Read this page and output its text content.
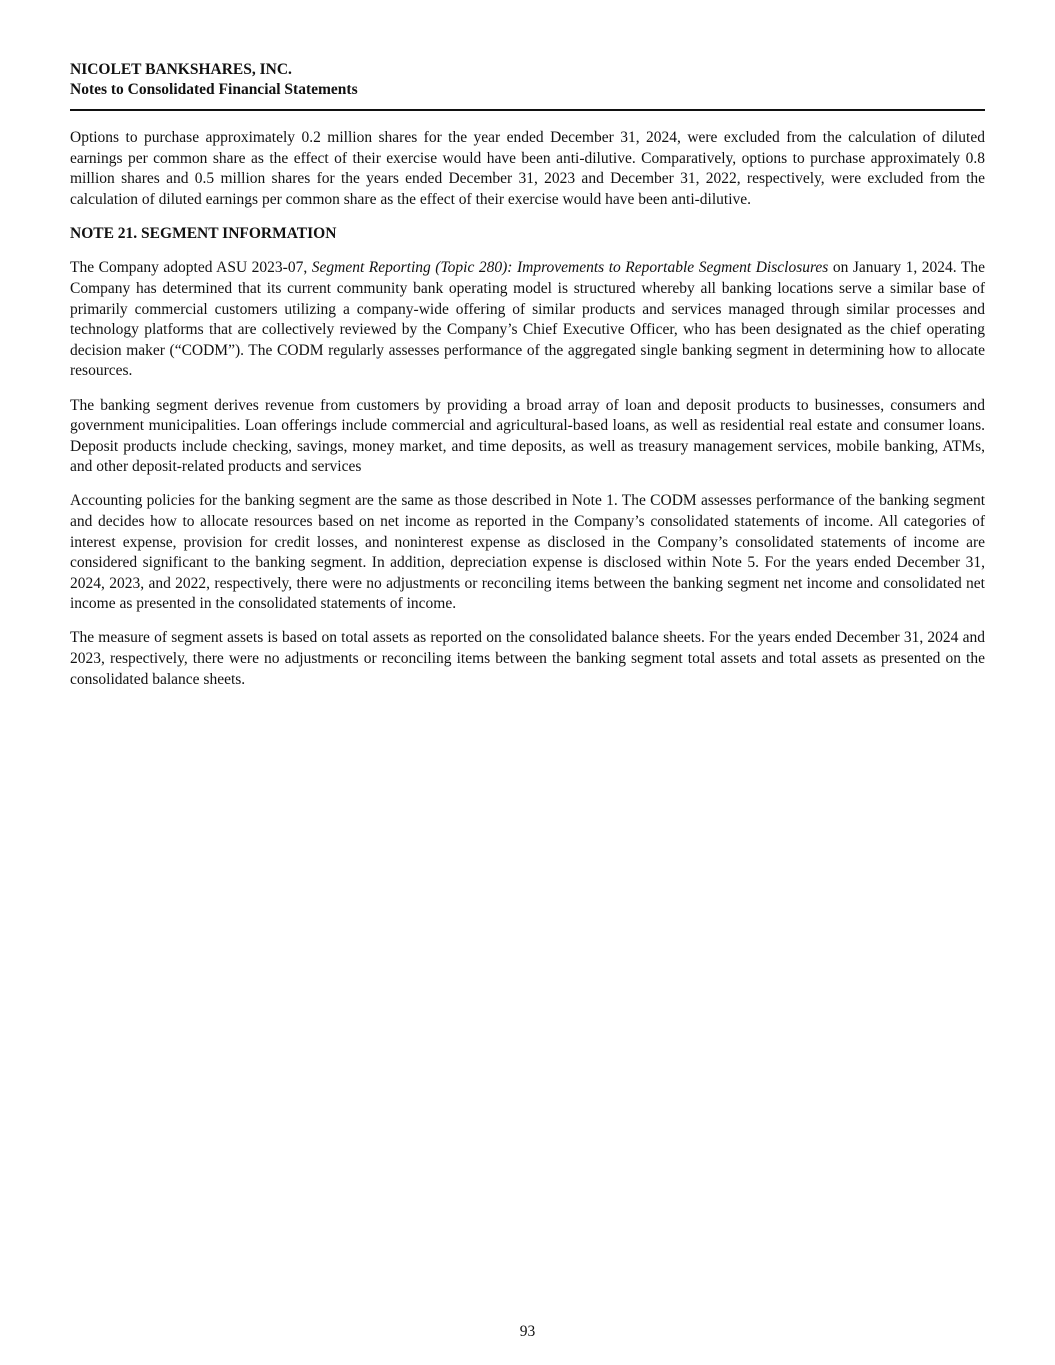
NICOLET BANKSHARES, INC.
Notes to Consolidated Financial Statements

Options to purchase approximately 0.2 million shares for the year ended December 31, 2024, were excluded from the calculation of diluted earnings per common share as the effect of their exercise would have been anti-dilutive. Comparatively, options to purchase approximately 0.8 million shares and 0.5 million shares for the years ended December 31, 2023 and December 31, 2022, respectively, were excluded from the calculation of diluted earnings per common share as the effect of their exercise would have been anti-dilutive.

NOTE 21. SEGMENT INFORMATION

The Company adopted ASU 2023-07, Segment Reporting (Topic 280): Improvements to Reportable Segment Disclosures on January 1, 2024. The Company has determined that its current community bank operating model is structured whereby all banking locations serve a similar base of primarily commercial customers utilizing a company-wide offering of similar products and services managed through similar processes and technology platforms that are collectively reviewed by the Company’s Chief Executive Officer, who has been designated as the chief operating decision maker (“CODM”). The CODM regularly assesses performance of the aggregated single banking segment in determining how to allocate resources.

The banking segment derives revenue from customers by providing a broad array of loan and deposit products to businesses, consumers and government municipalities. Loan offerings include commercial and agricultural-based loans, as well as residential real estate and consumer loans. Deposit products include checking, savings, money market, and time deposits, as well as treasury management services, mobile banking, ATMs, and other deposit-related products and services

Accounting policies for the banking segment are the same as those described in Note 1. The CODM assesses performance of the banking segment and decides how to allocate resources based on net income as reported in the Company’s consolidated statements of income. All categories of interest expense, provision for credit losses, and noninterest expense as disclosed in the Company’s consolidated statements of income are considered significant to the banking segment. In addition, depreciation expense is disclosed within Note 5. For the years ended December 31, 2024, 2023, and 2022, respectively, there were no adjustments or reconciling items between the banking segment net income and consolidated net income as presented in the consolidated statements of income.

The measure of segment assets is based on total assets as reported on the consolidated balance sheets. For the years ended December 31, 2024 and 2023, respectively, there were no adjustments or reconciling items between the banking segment total assets and total assets as presented on the consolidated balance sheets.

93
